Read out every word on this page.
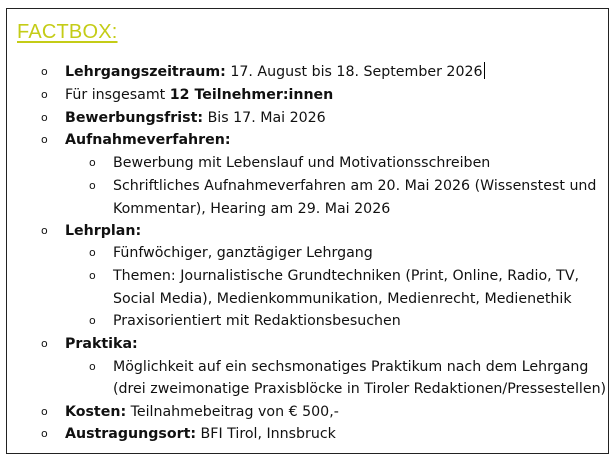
FACTBOX:
o Lehrgangszeitraum: 17. August bis 18. September 2026
o Für insgesamt 12 Teilnehmer:innen
o Bewerbungsfrist: Bis 17. Mai 2026
o Aufnahmeverfahren:
o Bewerbung mit Lebenslauf und Motivationsschreiben
o Schriftliches Aufnahmeverfahren am 20. Mai 2026 (Wissenstest und
Kommentar), Hearing am 29. Mai 2026
o Lehrplan:
o Fünfwöchiger, ganztägiger Lehrgang
o Themen: Journalistische Grundtechniken (Print, Online, Radio, TV,
Social Media), Medienkommunikation, Medienrecht, Medienethik
o Praxisorientiert mit Redaktionsbesuchen
o Praktika:
o Möglichkeit auf ein sechsmonatiges Praktikum nach dem Lehrgang
(drei zweimonatige Praxisblöcke in Tiroler Redaktionen/Pressestellen)
o Kosten: Teilnahmebeitrag von € 500,-
o Austragungsort: BFI Tirol, Innsbruck
